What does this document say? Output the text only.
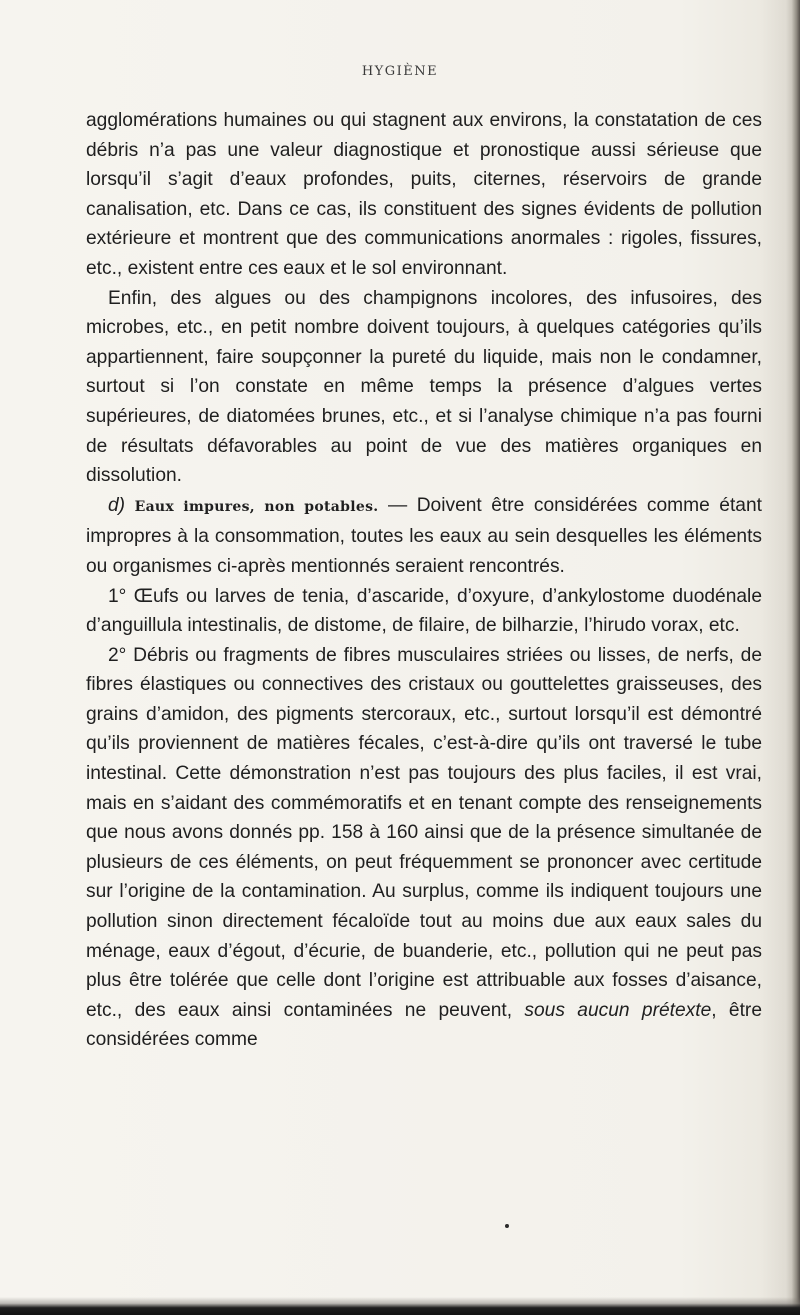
HYGIÈNE

agglomérations humaines ou qui stagnent aux environs, la constatation de ces débris n’a pas une valeur diagnostique et pronostique aussi sérieuse que lorsqu’il s’agit d’eaux profondes, puits, citernes, réservoirs de grande canalisation, etc. Dans ce cas, ils constituent des signes évidents de pollution extérieure et montrent que des communications anormales : rigoles, fissures, etc., existent entre ces eaux et le sol environnant.

Enfin, des algues ou des champignons incolores, des infusoires, des microbes, etc., en petit nombre doivent toujours, à quelques catégories qu’ils appartiennent, faire soupçonner la pureté du liquide, mais non le condamner, surtout si l’on constate en même temps la présence d’algues vertes supérieures, de diatomées brunes, etc., et si l’analyse chimique n’a pas fourni de résultats défavorables au point de vue des matières organiques en dissolution.

d) Eaux impures, non potables. — Doivent être considérées comme étant impropres à la consommation, toutes les eaux au sein desquelles les éléments ou organismes ci-après mentionnés seraient rencontrés.

1° Œufs ou larves de tenia, d’ascaride, d’oxyure, d’ankylostome duodénale d’anguillula intestinalis, de distome, de filaire, de bilharzie, l’hirudo vorax, etc.

2° Débris ou fragments de fibres musculaires striées ou lisses, de nerfs, de fibres élastiques ou connectives des cristaux ou gouttelettes graisseuses, des grains d’amidon, des pigments stercoraux, etc., surtout lorsqu’il est démontré qu’ils proviennent de matières fécales, c’est-à-dire qu’ils ont traversé le tube intestinal. Cette démonstration n’est pas toujours des plus faciles, il est vrai, mais en s’aidant des commémoratifs et en tenant compte des renseignements que nous avons donnés pp. 158 à 160 ainsi que de la présence simultanée de plusieurs de ces éléments, on peut fréquemment se prononcer avec certitude sur l’origine de la contamination. Au surplus, comme ils indiquent toujours une pollution sinon directement fécaloïde tout au moins due aux eaux sales du ménage, eaux d’égout, d’écurie, de buanderie, etc., pollution qui ne peut pas plus être tolérée que celle dont l’origine est attribuable aux fosses d’aisance, etc., des eaux ainsi contaminées ne peuvent, sous aucun prétexte, être considérées comme
